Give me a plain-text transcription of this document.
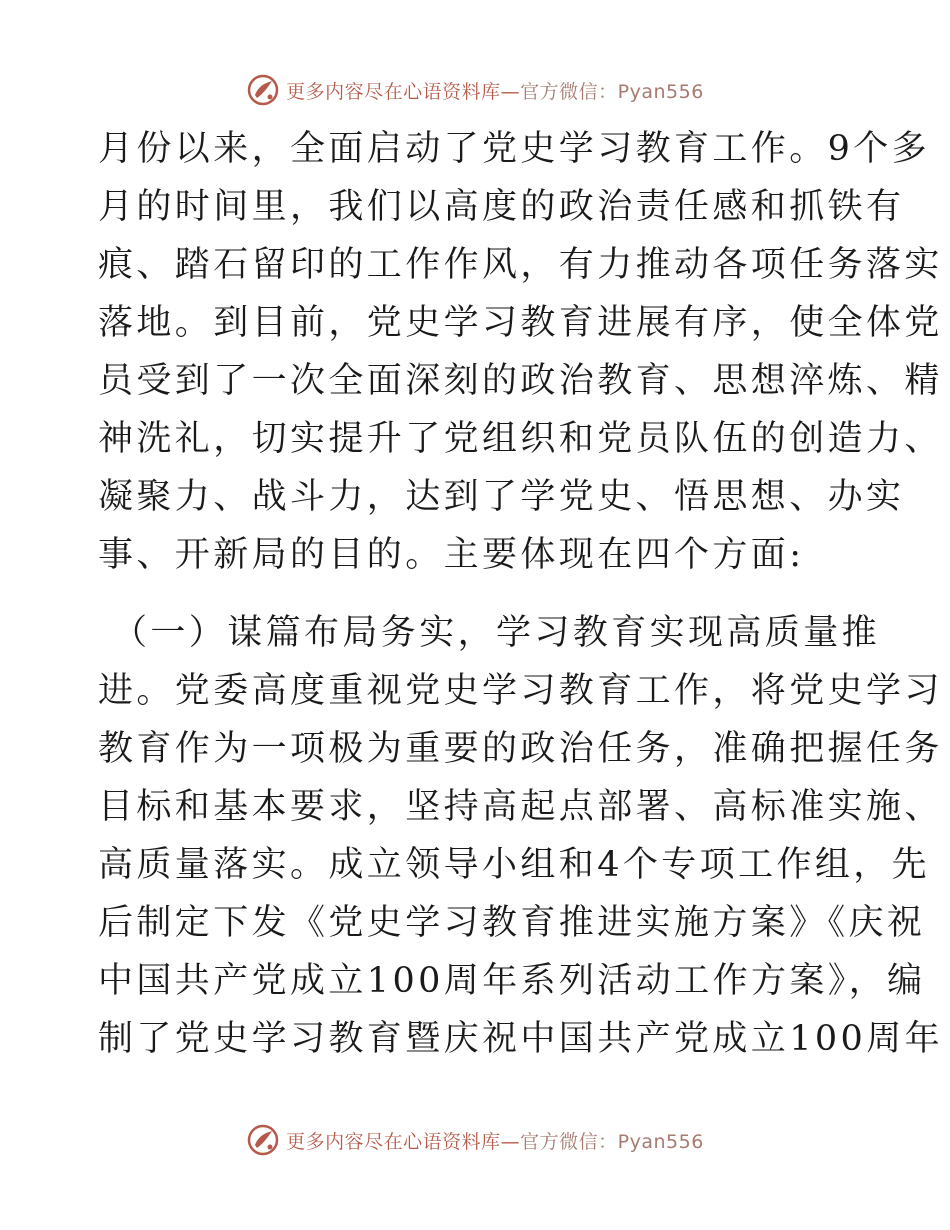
更多内容尽在心语资料库—官方微信：Pyan556
月份以来，全面启动了党史学习教育工作。9个多
月的时间里，我们以高度的政治责任感和抓铁有
痕、踏石留印的工作作风，有力推动各项任务落实
落地。到目前，党史学习教育进展有序，使全体党
员受到了一次全面深刻的政治教育、思想淬炼、精
神洗礼，切实提升了党组织和党员队伍的创造力、
凝聚力、战斗力，达到了学党史、悟思想、办实
事、开新局的目的。主要体现在四个方面:
（一）谋篇布局务实，学习教育实现高质量推
进。党委高度重视党史学习教育工作，将党史学习
教育作为一项极为重要的政治任务，准确把握任务
目标和基本要求，坚持高起点部署、高标准实施、
高质量落实。成立领导小组和4个专项工作组，先
后制定下发《党史学习教育推进实施方案》《庆祝
中国共产党成立100周年系列活动工作方案》，编
制了党史学习教育暨庆祝中国共产党成立100周年
更多内容尽在心语资料库—官方微信：Pyan556
